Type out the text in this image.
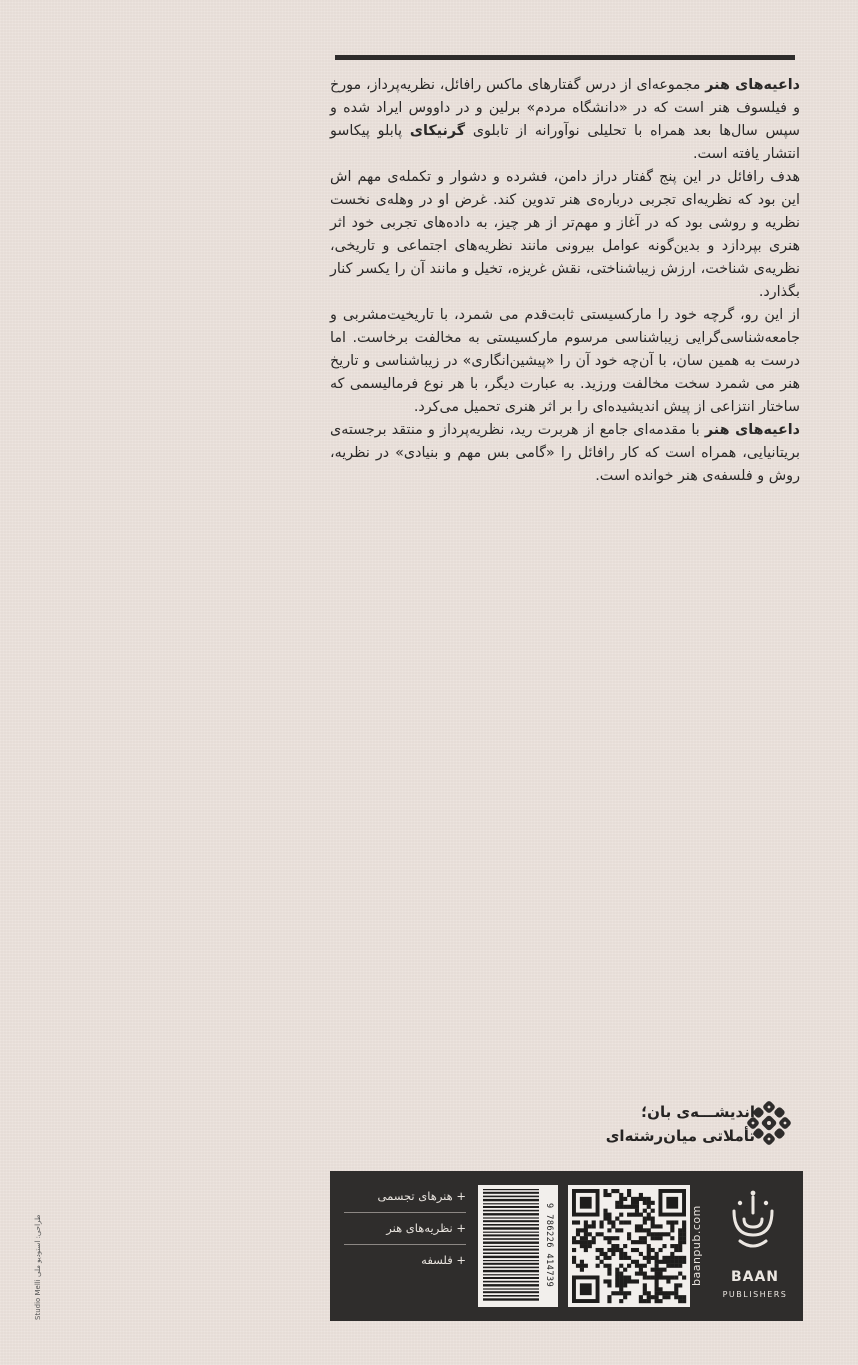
داعیه‌های هنر مجموعه‌ای از درس گفتارهای ماکس رافائل، نظریه‌پرداز، مورخ و فیلسوف هنر است که در «دانشگاه مردم» برلین و در داووس ایراد شده و سپس سال‌ها بعد همراه با تحلیلی نوآورانه از تابلوی گرنیکای پابلو پیکاسو انتشار یافته است.

هدف رافائل در این پنج گفتار دراز دامن، فشرده و دشوار و تکمله‌ی مهم اش این بود که نظریه‌ای تجربی درباره‌ی هنر تدوین کند. غرض او در وهله‌ی نخست نظریه و روشی بود که در آغاز و مهم‌تر از هر چیز، به داده‌های تجربی خود اثر هنری بپردازد و بدین‌گونه عوامل بیرونی مانند نظریه‌های اجتماعی و تاریخی، نظریه‌ی شناخت، ارزش زیباشناختی، نقش غریزه، تخیل و مانند آن را یکسر کنار بگذارد.

از این رو، گرچه خود را مارکسیستی ثابت‌قدم می شمرد، با تاریخیت‌مشربی و جامعه‌شناسی‌گرایی زیباشناسی مرسوم مارکسیستی به مخالفت برخاست. اما درست به همین سان، با آن‌چه خود آن را «پیشین‌انگاری» در زیباشناسی و تاریخ هنر می شمرد سخت مخالفت ورزید. به عبارت دیگر، با هر نوع فرمالیسمی که ساختار انتزاعی از پیش اندیشیده‌ای را بر اثر هنری تحمیل می‌کرد.

داعیه‌های هنر با مقدمه‌ای جامع از هربرت رید، نظریه‌پرداز و منتقد برجسته‌ی بریتانیایی، همراه است که کار رافائل را «گامی بس مهم و بنیادی» در نظریه، روش و فلسفه‌ی هنر خوانده است.

اندیشـــه‌ی بان؛
تأملاتی میان‌رشته‌ای
+ هنرهای تجسمی
+ نظریه‌های هنر
+ فلسفه	9 786226 414739	baanpub.com	BAAN
PUBLISHERS
Studio Melli طراحی: استودیو ملی
